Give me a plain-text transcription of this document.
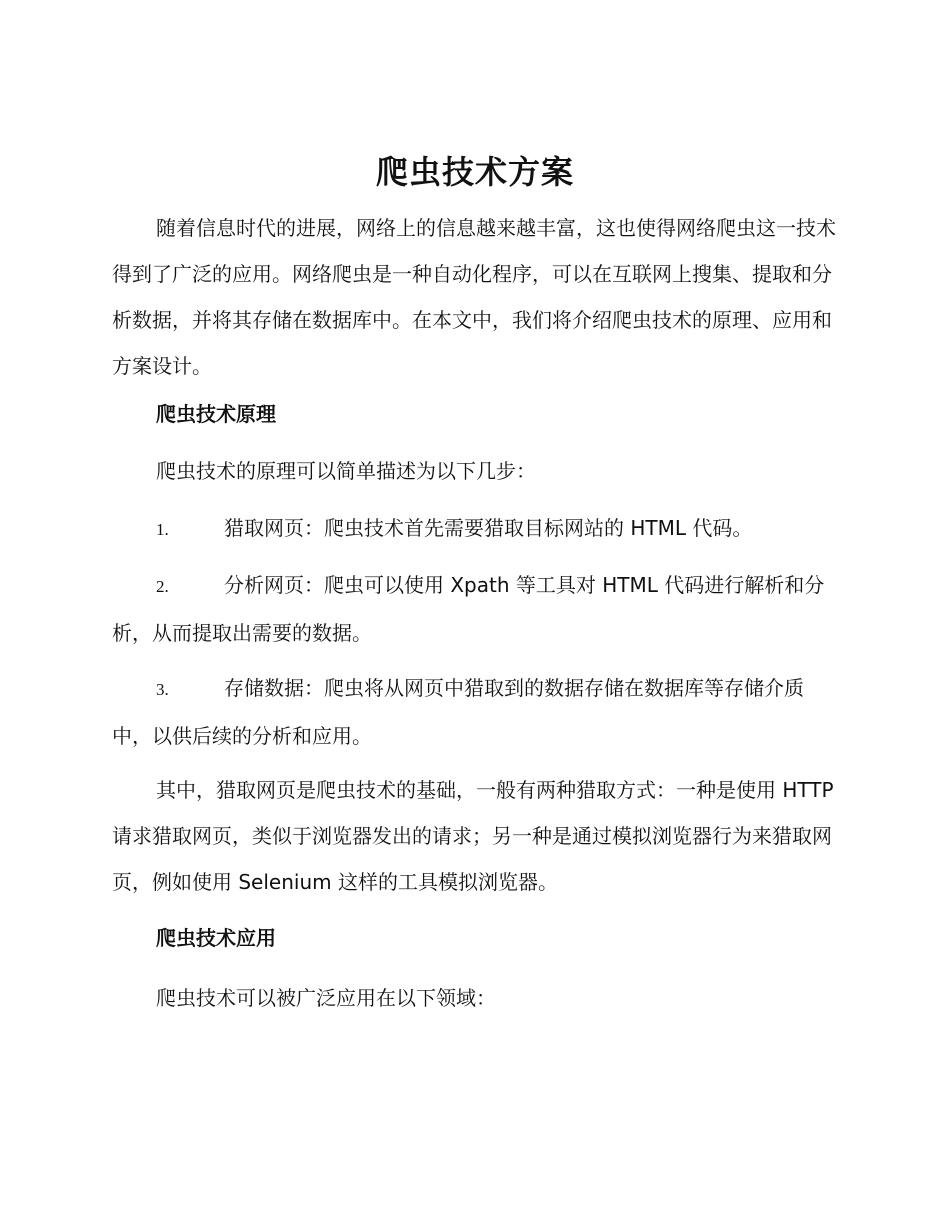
爬虫技术方案

随着信息时代的进展，网络上的信息越来越丰富，这也使得网络爬虫这一技术得到了广泛的应用。网络爬虫是一种自动化程序，可以在互联网上搜集、提取和分析数据，并将其存储在数据库中。在本文中，我们将介绍爬虫技术的原理、应用和方案设计。

爬虫技术原理

爬虫技术的原理可以简单描述为以下几步：

1.	猎取网页：爬虫技术首先需要猎取目标网站的 HTML 代码。

2.	分析网页：爬虫可以使用 Xpath 等工具对 HTML 代码进行解析和分析，从而提取出需要的数据。

3.	存储数据：爬虫将从网页中猎取到的数据存储在数据库等存储介质中，以供后续的分析和应用。

其中，猎取网页是爬虫技术的基础，一般有两种猎取方式：一种是使用 HTTP 请求猎取网页，类似于浏览器发出的请求；另一种是通过模拟浏览器行为来猎取网页，例如使用 Selenium 这样的工具模拟浏览器。

爬虫技术应用

爬虫技术可以被广泛应用在以下领域：
